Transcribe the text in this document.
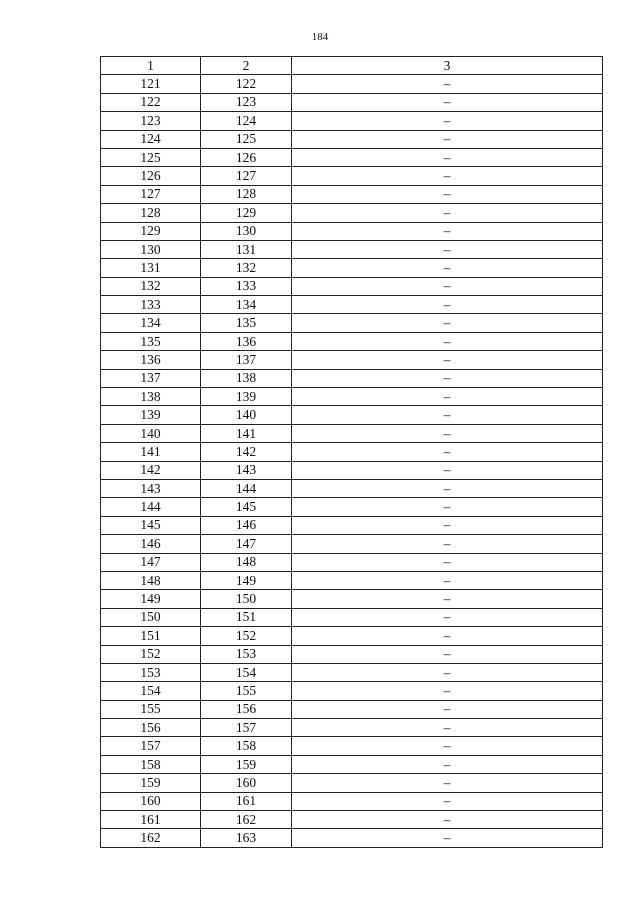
184
1	2	3
121	122	–
122	123	–
123	124	–
124	125	–
125	126	–
126	127	–
127	128	–
128	129	–
129	130	–
130	131	–
131	132	–
132	133	–
133	134	–
134	135	–
135	136	–
136	137	–
137	138	–
138	139	–
139	140	–
140	141	–
141	142	–
142	143	–
143	144	–
144	145	–
145	146	–
146	147	–
147	148	–
148	149	–
149	150	–
150	151	–
151	152	–
152	153	–
153	154	–
154	155	–
155	156	–
156	157	–
157	158	–
158	159	–
159	160	–
160	161	–
161	162	–
162	163	–
